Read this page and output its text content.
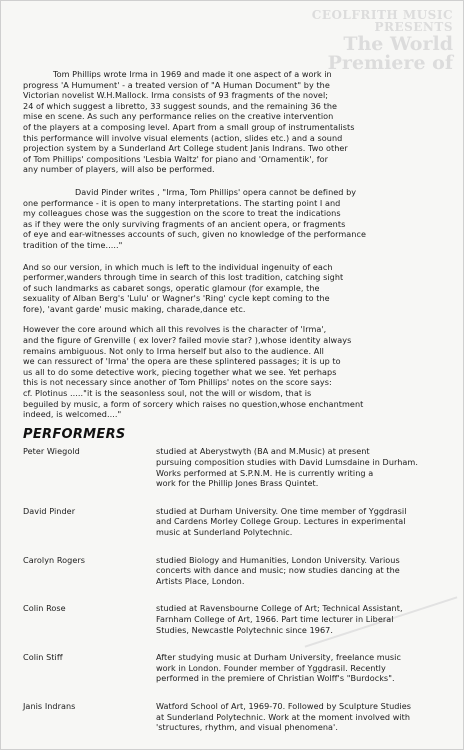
CEOLFRITH MUSIC PRESENTS
The World Premiere of

Tom Phillips wrote Irma in 1969 and made it one aspect of a work in
progress 'A Humument' - a treated version of "A Human Document" by the
Victorian novelist W.H.Mallock. Irma consists of 93 fragments of the novel;
24 of which suggest a libretto, 33 suggest sounds, and the remaining 36 the
mise en scene. As such any performance relies on the creative intervention
of the players at a composing level. Apart from a small group of instrumentalists
this performance will involve visual elements (action, slides etc.) and a sound
projection system by a Sunderland Art College student Janis Indrans. Two other
of Tom Phillips' compositions 'Lesbia Waltz' for piano and 'Ornamentik', for
any number of players, will also be performed.

David Pinder writes , "Irma, Tom Phillips' opera cannot be defined by
one performance - it is open to many interpretations. The starting point I and
my colleagues chose was the suggestion on the score to treat the indications
as if they were the only surviving fragments of an ancient opera, or fragments
of eye and ear-witnesses accounts of such, given no knowledge of the performance
tradition of the time....."

And so our version, in which much is left to the individual ingenuity of each
performer,wanders through time in search of this lost tradition, catching sight
of such landmarks as cabaret songs, operatic glamour (for example, the
sexuality of Alban Berg's 'Lulu' or Wagner's 'Ring' cycle kept coming to the
fore), 'avant garde' music making, charade,dance etc.

However the core around which all this revolves is the character of 'Irma',
and the figure of Grenville ( ex lover? failed movie star? ),whose identity always
remains ambiguous. Not only to Irma herself but also to the audience. All
we can ressurect of 'Irma' the opera are these splintered passages; it is up to
us all to do some detective work, piecing together what we see. Yet perhaps
this is not necessary since another of Tom Phillips' notes on the score says:
cf. Plotinus ....."it is the seasonless soul, not the will or wisdom, that is
beguiled by music, a form of sorcery which raises no question,whose enchantment
indeed, is welcomed...."

PERFORMERS
Peter Wiegold	studied at Aberystwyth (BA and M.Music) at present
pursuing composition studies with David Lumsdaine in Durham.
Works performed at S.P.N.M. He is currently writing a
work for the Phillip Jones Brass Quintet.
David Pinder	studied at Durham University. One time member of Yggdrasil
and Cardens Morley College Group. Lectures in experimental
music at Sunderland Polytechnic.
Carolyn Rogers	studied Biology and Humanities, London University. Various
concerts with dance and music; now studies dancing at the
Artists Place, London.
Colin Rose	studied at Ravensbourne College of Art; Technical Assistant,
Farnham College of Art, 1966. Part time lecturer in Liberal
Studies, Newcastle Polytechnic since 1967.
Colin Stiff	After studying music at Durham University, freelance music
work in London. Founder member of Yggdrasil. Recently
performed in the premiere of Christian Wolff's "Burdocks".
Janis Indrans	Watford School of Art, 1969-70. Followed by Sculpture Studies
at Sunderland Polytechnic. Work at the moment involved with
'structures, rhythm, and visual phenomena'.
